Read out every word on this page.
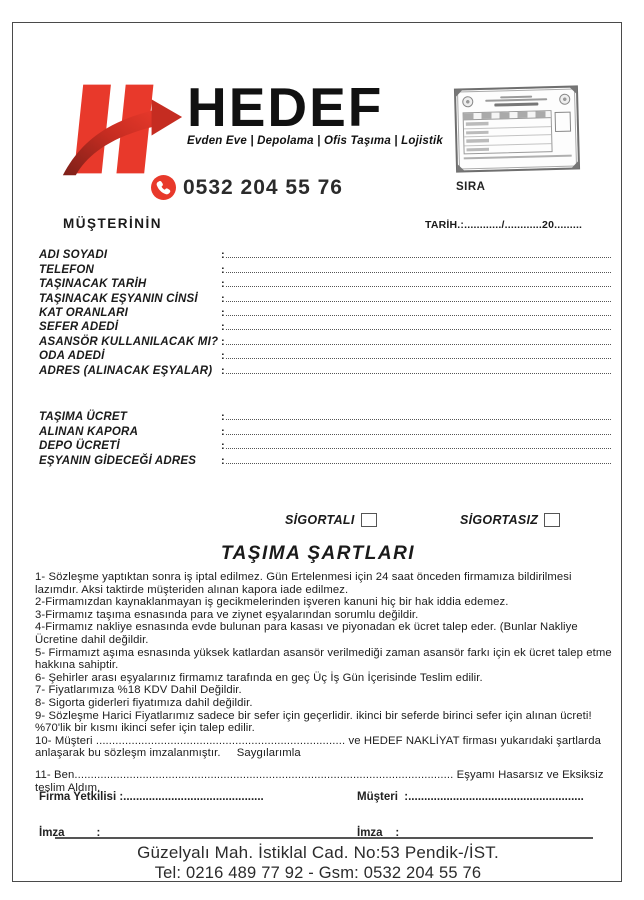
HEDEF
Evden Eve | Depolama | Ofis Taşıma | Lojistik
0532 204 55 76	SIRA
MÜŞTERİNİN	TARİH.:............/............20.........
ADI SOYADI	:
TELEFON	:
TAŞINACAK TARİH	:
TAŞINACAK EŞYANIN CİNSİ	:
KAT ORANLARI	:
SEFER ADEDİ	:
ASANSÖR KULLANILACAK MI? :
ODA ADEDİ	:
ADRES (ALINACAK EŞYALAR) :
TAŞIMA ÜCRET	:
ALINAN KAPORA	:
DEPO ÜCRETİ	:
EŞYANIN GİDECEĞİ ADRES	:
SİGORTALI	SİGORTASIZ
TAŞIMA ŞARTLARI
1- Sözleşme yaptıktan sonra iş iptal edilmez. Gün Ertelenmesi için 24 saat önceden firmamıza bildirilmesi lazımdır. Aksi taktirde müşteriden alınan kapora iade edilmez.
2-Firmamızdan kaynaklanmayan iş gecikmelerinden işveren kanuni hiç bir hak iddia edemez.
3-Firmamız taşıma esnasında para ve ziynet eşyalarından sorumlu değildir.
4-Firmamız nakliye esnasında evde bulunan para kasası ve piyonadan ek ücret talep eder. (Bunlar Nakliye Ücretine dahil değildir.
5- Firmamızt aşıma esnasında yüksek katlardan asansör verilmediği zaman asansör farkı için ek ücret talep etme hakkına sahiptir.
6- Şehirler arası eşyalarınız firmamız tarafında en geç Üç İş Gün İçerisinde Teslim edilir.
7- Fiyatlarımıza %18 KDV Dahil Değildir.
8- Sigorta giderleri fiyatımıza dahil değildir.
9- Sözleşme Harici Fiyatlarımız sadece bir sefer için geçerlidir. ikinci bir seferde birinci sefer için alınan ücreti! %70'lik bir kısmı ikinci sefer için talep edilir.
10- Müşteri ............................................................................. ve HEDEF NAKLİYAT firması yukarıdaki şartlarda anlaşarak bu sözleşm imzalanmıştır.     Saygılarımla
11- Ben..................................................................................................................... Eşyamı Hasarsız ve Eksiksiz teslim Aldım.
Firma Yetkilisi :............................................	Müşteri  :.......................................................
İmza          :	İmza    :
Güzelyalı Mah. İstiklal Cad. No:53 Pendik-/İST.
Tel: 0216 489 77 92 - Gsm: 0532 204 55 76
